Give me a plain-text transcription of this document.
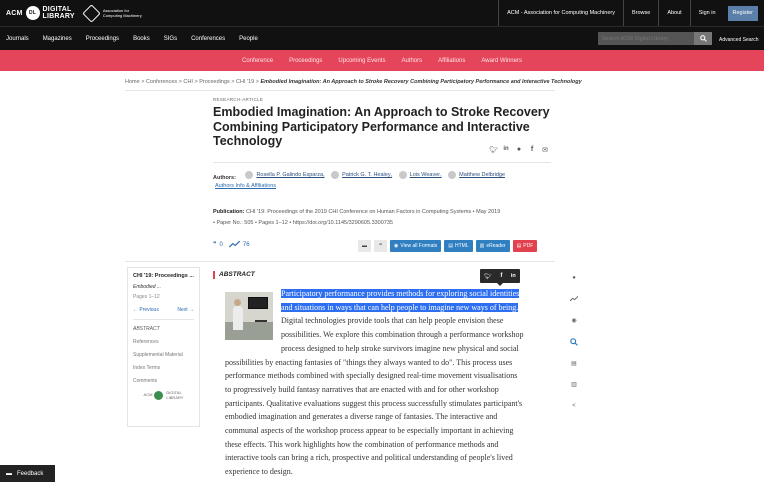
ACM	DL DIGITAL
LIBRARY
Association for
Computing Machinery	ACM - Association for Computing Machinery	Browse	About	Sign in	Register
Journals Magazines Proceedings Books SIGs Conferences People
Search ACM Digital Library	Advanced Search
Conference	Proceedings	Upcoming Events	Authors	Affiliations	Award Winners
Home > Conferences > CHI > Proceedings > CHI '19 > Embodied Imagination: An Approach to Stroke Recovery Combining Participatory Performance and Interactive Technology
RESEARCH-ARTICLE
Embodied Imagination: An Approach to Stroke Recovery Combining Participatory Performance and Interactive Technology
🐦︎ in ●	f	✉
Authors:	Rosella P. Galindo Esparza ,	Patrick G. T. Healey ,	Lois Weaver ,	Matthew Delbridge
Authors Info & Affiliations
Publication: CHI '19: Proceedings of the 2019 CHI Conference on Human Factors in Computing Systems • May 2019
• Paper No.: 505 • Pages 1–12 • https://doi.org/10.1145/3290605.3300735
❞ 0	76	▬ ❞ ◉ View all Formats ▤ HTML ▥ eReader ▤ PDF
CHI '19: Proceedings ...
Embodied ...
Pages 1–12
← Previous	Next →
ABSTRACT
References
Supplemental Material
Index Terms
Comments
ACM	DIGITAL
LIBRARY
ABSTRACT
Participatory performance provides methods for exploring social identities
and situations in ways that can help people to imagine new ways of being.
Digital technologies provide tools that can help people envision these
possibilities. We explore this combination through a performance workshop
process designed to help stroke survivors imagine new physical and social
possibilities by enacting fantasies of "things they always wanted to do". This process uses
performance methods combined with specially designed real-time movement visualisations
to progressively build fantasy narratives that are enacted with and for other workshop
participants. Qualitative evaluations suggest this process successfully stimulates participant's
embodied imagination and generates a diverse range of fantasies. The interactive and
communal aspects of the workshop process appear to be especially important in achieving
these effects. This work highlights how the combination of performance methods and
interactive tools can bring a rich, prospective and political understanding of people's lived
experience to design.
🐦︎ f in	●
◉
▤
▥
<
▬ Feedback
